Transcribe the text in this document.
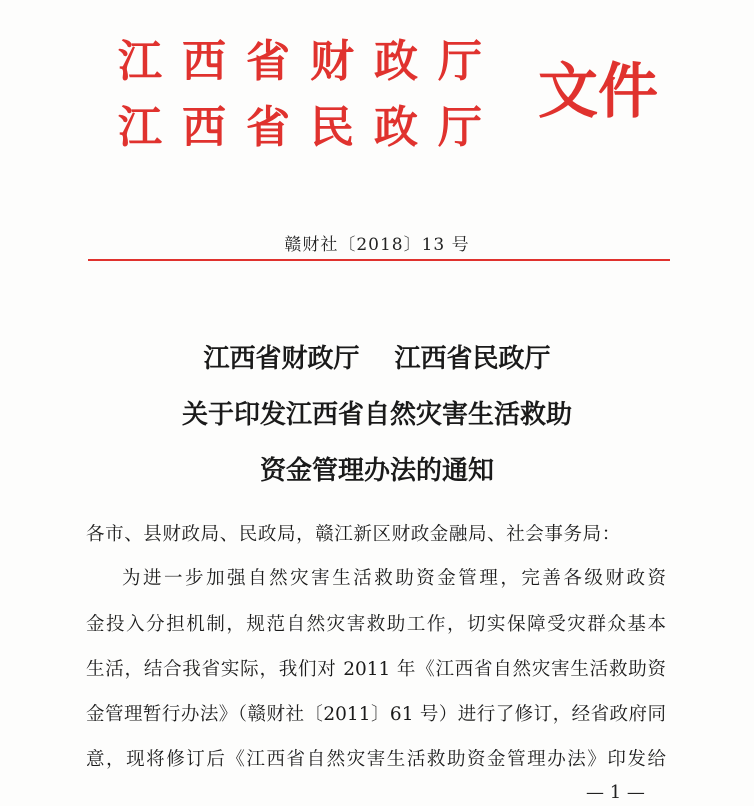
江西省财政厅
江西省民政厅
文件
赣财社〔2018〕13 号
江西省财政厅　 江西省民政厅
关于印发江西省自然灾害生活救助
资金管理办法的通知
各市、县财政局、民政局，赣江新区财政金融局、社会事务局：
为进一步加强自然灾害生活救助资金管理，完善各级财政资
金投入分担机制，规范自然灾害救助工作，切实保障受灾群众基本
生活，结合我省实际，我们对 2011 年《江西省自然灾害生活救助资
金管理暂行办法》（赣财社〔2011〕61 号）进行了修订，经省政府同
意，现将修订后《江西省自然灾害生活救助资金管理办法》印发给
— 1 —
